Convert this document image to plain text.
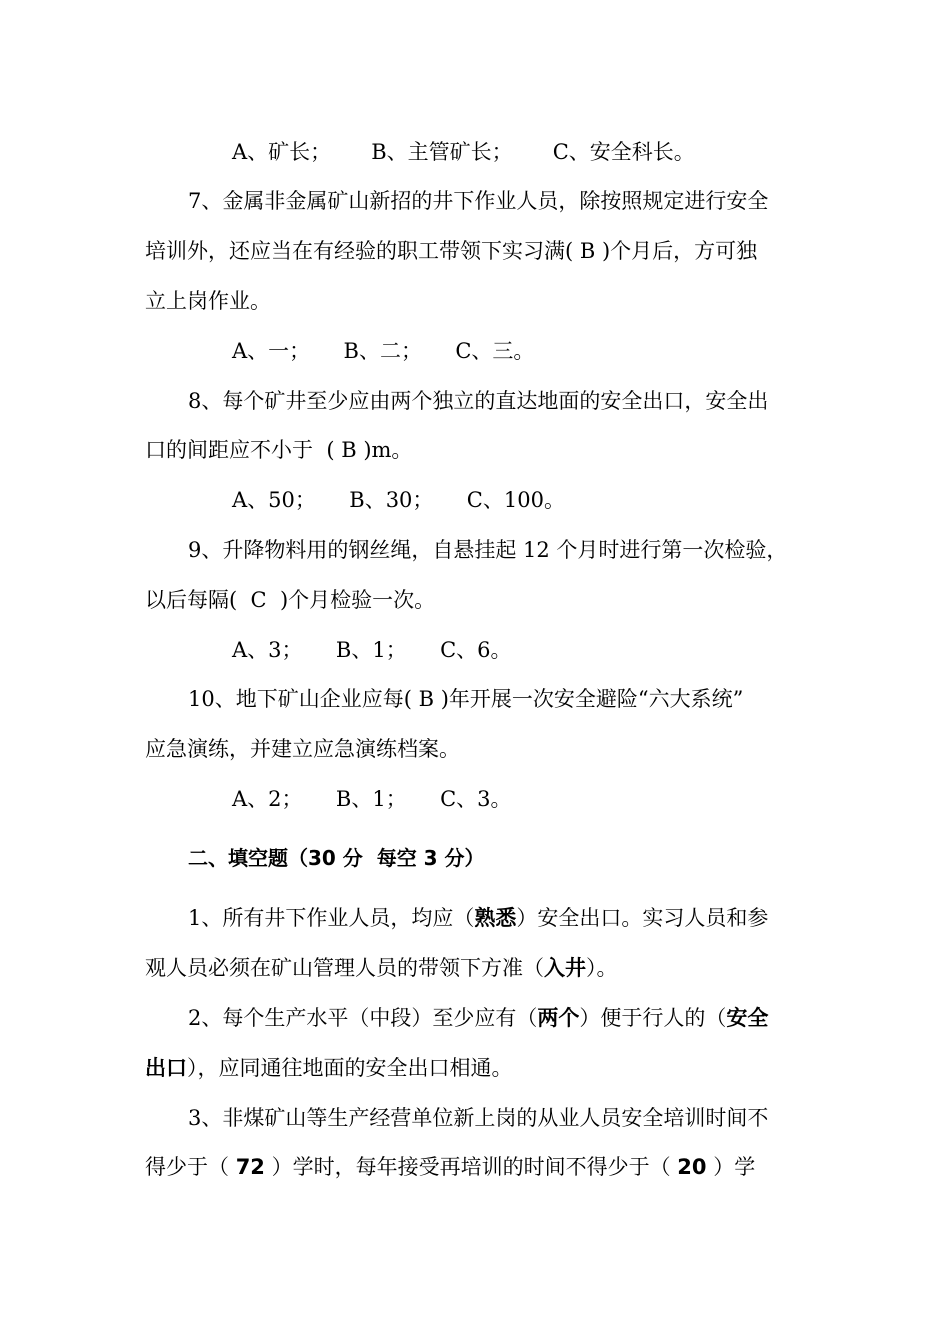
A、矿长；      B、主管矿长；      C、安全科长。
7、金属非金属矿山新招的井下作业人员，除按照规定进行安全
培训外，还应当在有经验的职工带领下实习满( B )个月后，方可独
立上岗作业。
A、一；     B、二；     C、三。
8、每个矿井至少应由两个独立的直达地面的安全出口，安全出
口的间距应不小于  ( B )m。
A、50；     B、30；     C、100。
9、升降物料用的钢丝绳，自悬挂起 12 个月时进行第一次检验，
以后每隔(  C  )个月检验一次。
A、3；     B、1；     C、6。
10、地下矿山企业应每( B )年开展一次安全避险“六大系统”
应急演练，并建立应急演练档案。
A、2；     B、1；     C、3。
二、填空题（30 分  每空 3 分）
1、所有井下作业人员，均应（熟悉）安全出口。实习人员和参
观人员必须在矿山管理人员的带领下方准（入井）。
2、每个生产水平（中段）至少应有（两个）便于行人的（安全
出口），应同通往地面的安全出口相通。
3、非煤矿山等生产经营单位新上岗的从业人员安全培训时间不
得少于（ 72 ）学时，每年接受再培训的时间不得少于（ 20 ）学
